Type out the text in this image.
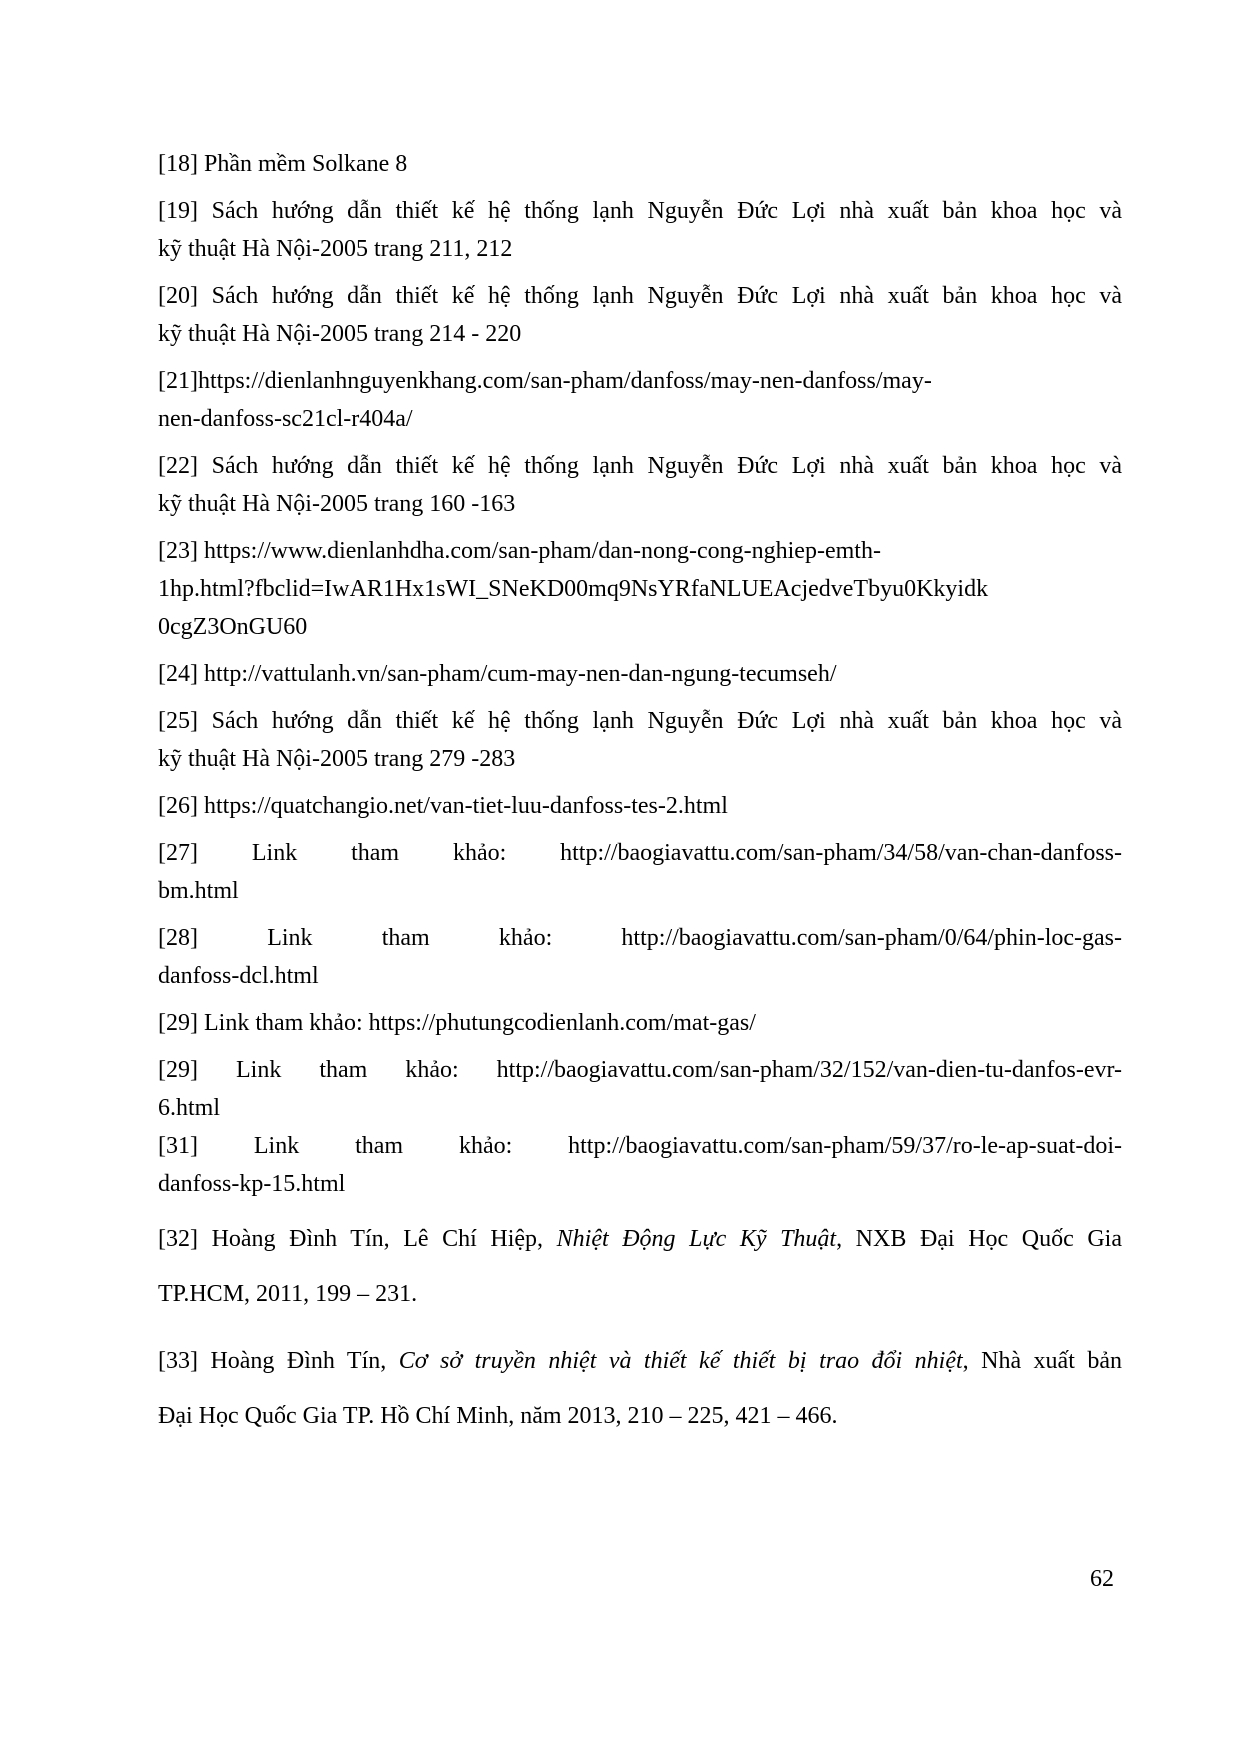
[18] Phần mềm Solkane 8

[19] Sách hướng dẫn thiết kế hệ thống lạnh Nguyễn Đức Lợi nhà xuất bản khoa học và
kỹ thuật Hà Nội-2005 trang 211, 212

[20] Sách hướng dẫn thiết kế hệ thống lạnh Nguyễn Đức Lợi nhà xuất bản khoa học và
kỹ thuật Hà Nội-2005 trang 214 - 220

[21]https://dienlanhnguyenkhang.com/san-pham/danfoss/may-nen-danfoss/may-
nen-danfoss-sc21cl-r404a/

[22] Sách hướng dẫn thiết kế hệ thống lạnh Nguyễn Đức Lợi nhà xuất bản khoa học và
kỹ thuật Hà Nội-2005 trang 160 -163

[23] https://www.dienlanhdha.com/san-pham/dan-nong-cong-nghiep-emth-
1hp.html?fbclid=IwAR1Hx1sWI_SNeKD00mq9NsYRfaNLUEAcjedveTbyu0Kkyidk
0cgZ3OnGU60

[24] http://vattulanh.vn/san-pham/cum-may-nen-dan-ngung-tecumseh/

[25] Sách hướng dẫn thiết kế hệ thống lạnh Nguyễn Đức Lợi nhà xuất bản khoa học và
kỹ thuật Hà Nội-2005 trang 279 -283

[26] https://quatchangio.net/van-tiet-luu-danfoss-tes-2.html

[27] Link tham khảo: http://baogiavattu.com/san-pham/34/58/van-chan-danfoss-
bm.html

[28] Link tham khảo: http://baogiavattu.com/san-pham/0/64/phin-loc-gas-
danfoss-dcl.html

[29] Link tham khảo: https://phutungcodienlanh.com/mat-gas/

[29] Link tham khảo: http://baogiavattu.com/san-pham/32/152/van-dien-tu-danfos-evr-
6.html

[31] Link tham khảo: http://baogiavattu.com/san-pham/59/37/ro-le-ap-suat-doi-
danfoss-kp-15.html

[32] Hoàng Đình Tín, Lê Chí Hiệp, Nhiệt Động Lực Kỹ Thuật, NXB Đại Học Quốc Gia
TP.HCM, 2011, 199 – 231.

[33] Hoàng Đình Tín, Cơ sở truyền nhiệt và thiết kế thiết bị trao đổi nhiệt, Nhà xuất bản
Đại Học Quốc Gia TP. Hồ Chí Minh, năm 2013, 210 – 225, 421 – 466.

62
